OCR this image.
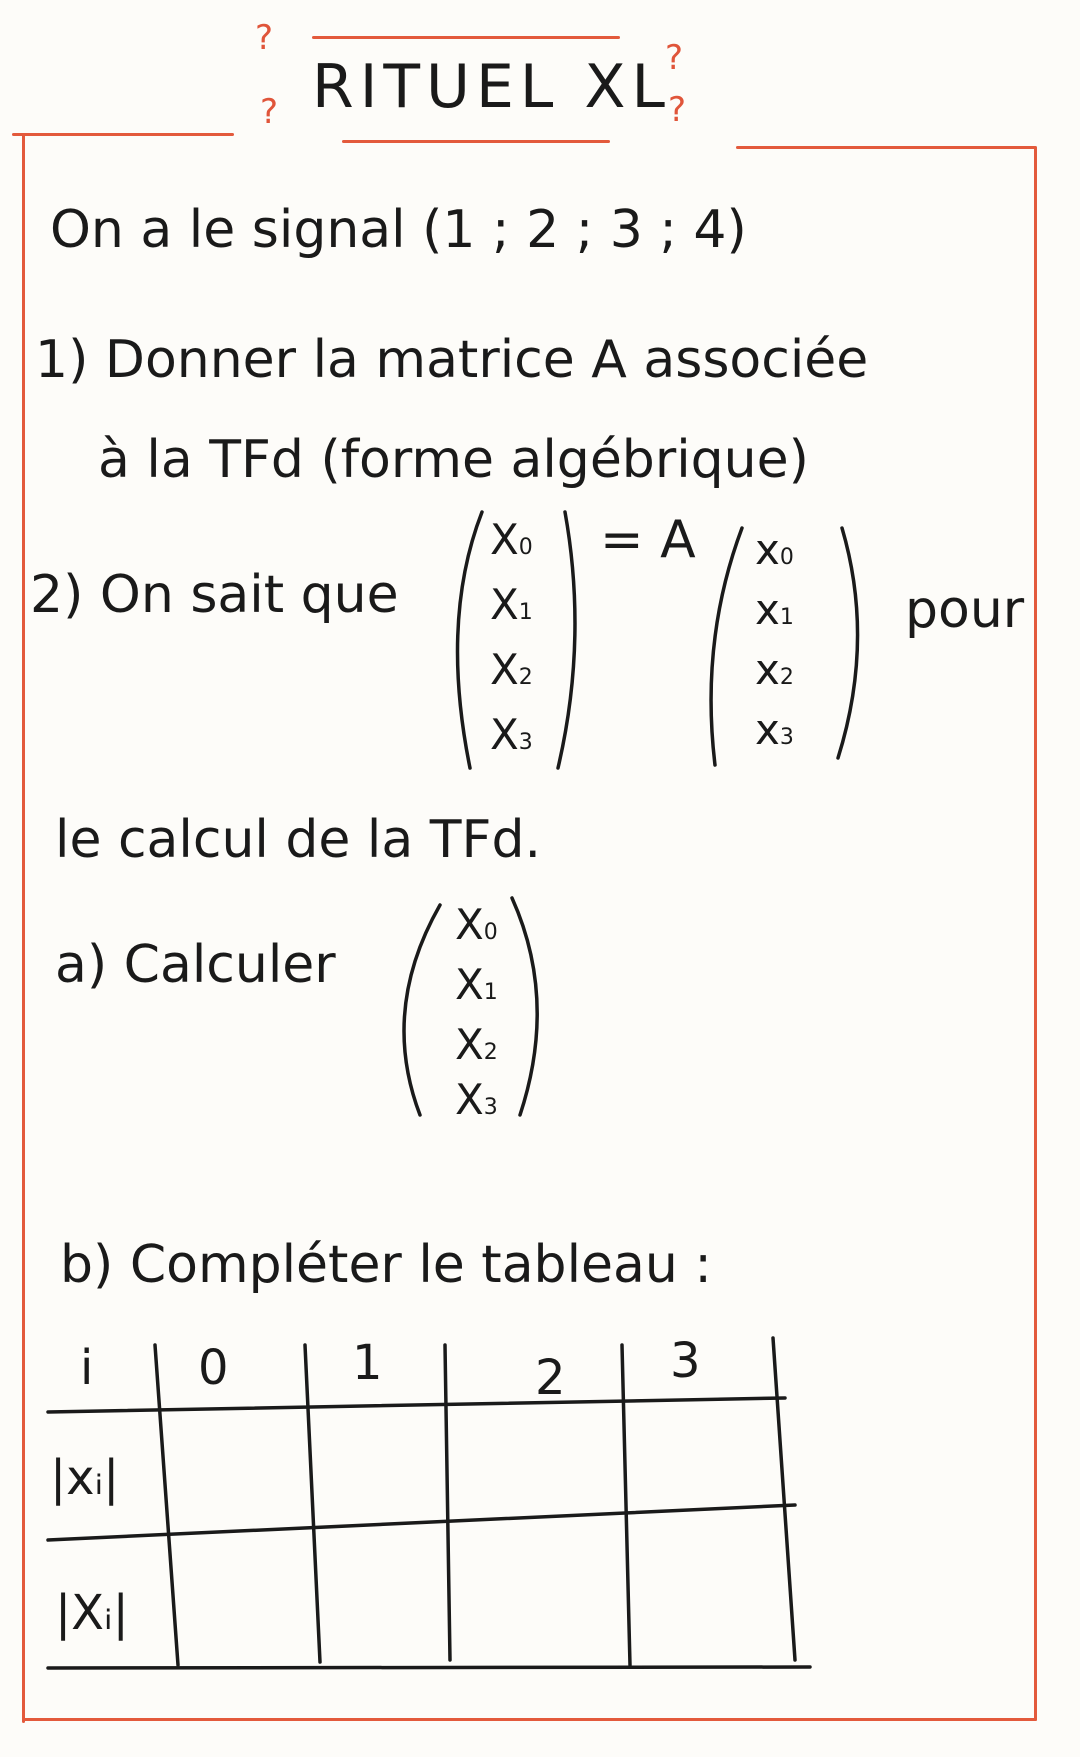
?
?
?
?
RITUEL XL
On a le signal (1 ; 2 ; 3 ; 4)
1) Donner la matrice A associée
à la TFd (forme algébrique)
2) On sait que
X0
X1
X2
X3
= A x0
x1
x2
x3
pour
le calcul de la TFd.
a) Calculer
X0
X1
X2
X3
b) Compléter le tableau :
i 0	1	2 3
|xᵢ|
|Xᵢ|
